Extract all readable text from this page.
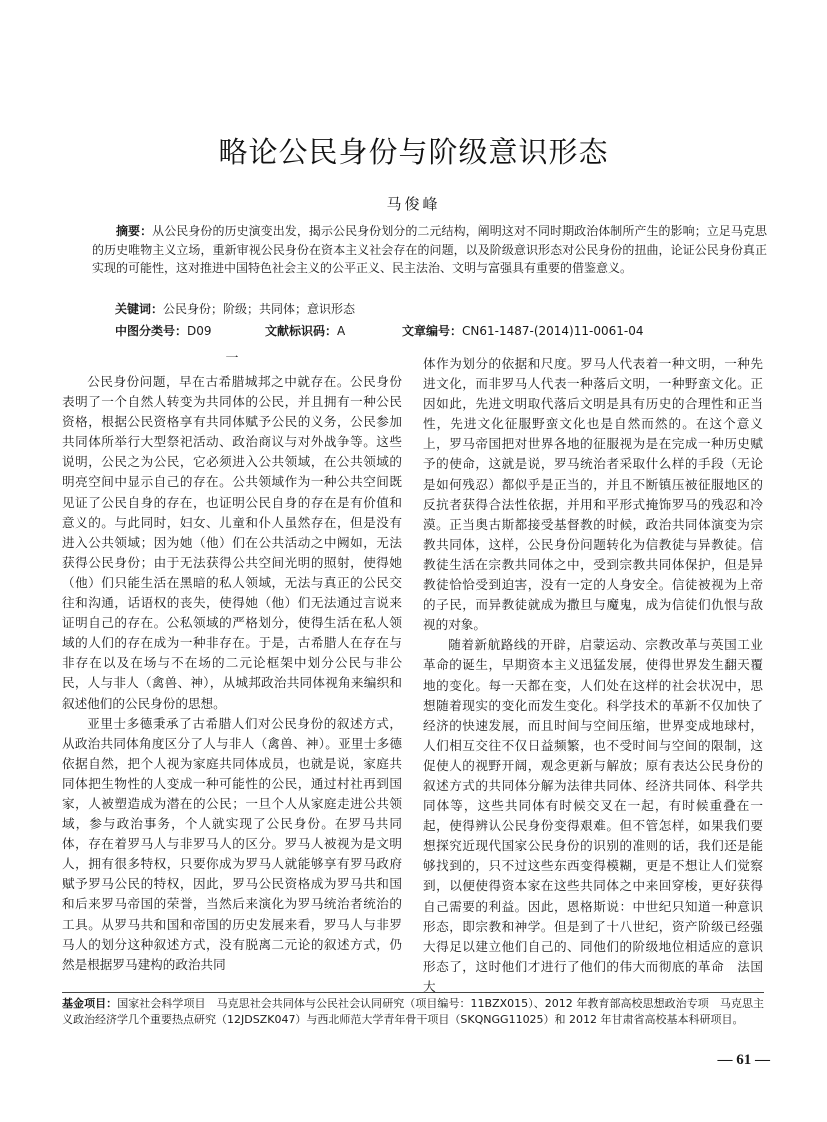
略论公民身份与阶级意识形态
马俊峰
摘要：从公民身份的历史演变出发，揭示公民身份划分的二元结构，阐明这对不同时期政治体制所产生的影响；立足马克思的历史唯物主义立场，重新审视公民身份在资本主义社会存在的问题，以及阶级意识形态对公民身份的扭曲，论证公民身份真正实现的可能性，这对推进中国特色社会主义的公平正义、民主法治、文明与富强具有重要的借鉴意义。
关键词：公民身份；阶级；共同体；意识形态
中图分类号：D09	文献标识码：A	文章编号：CN61-1487-(2014)11-0061-04
一

公民身份问题，早在古希腊城邦之中就存在。公民身份表明了一个自然人转变为共同体的公民，并且拥有一种公民资格，根据公民资格享有共同体赋予公民的义务，公民参加共同体所举行大型祭祀活动、政治商议与对外战争等。这些说明，公民之为公民，它必须进入公共领域，在公共领域的明亮空间中显示自己的存在。公共领域作为一种公共空间既见证了公民自身的存在，也证明公民自身的存在是有价值和意义的。与此同时，妇女、儿童和仆人虽然存在，但是没有进入公共领域；因为她（他）们在公共活动之中阙如，无法获得公民身份；由于无法获得公共空间光明的照射，使得她（他）们只能生活在黑暗的私人领域，无法与真正的公民交往和沟通，话语权的丧失，使得她（他）们无法通过言说来证明自己的存在。公私领域的严格划分，使得生活在私人领域的人们的存在成为一种非存在。于是，古希腊人在存在与非存在以及在场与不在场的二元论框架中划分公民与非公民，人与非人（禽兽、神），从城邦政治共同体视角来编织和叙述他们的公民身份的思想。

亚里士多德秉承了古希腊人们对公民身份的叙述方式，从政治共同体角度区分了人与非人（禽兽、神）。亚里士多德依据自然，把个人视为家庭共同体成员，也就是说，家庭共同体把生物性的人变成一种可能性的公民，通过村社再到国家，人被塑造成为潜在的公民；一旦个人从家庭走进公共领域，参与政治事务，个人就实现了公民身份。在罗马共同体，存在着罗马人与非罗马人的区分。罗马人被视为是文明人，拥有很多特权，只要你成为罗马人就能够享有罗马政府赋予罗马公民的特权，因此，罗马公民资格成为罗马共和国和后来罗马帝国的荣誉，当然后来演化为罗马统治者统治的工具。从罗马共和国和帝国的历史发展来看，罗马人与非罗马人的划分这种叙述方式，没有脱离二元论的叙述方式，仍然是根据罗马建构的政治共同

体作为划分的依据和尺度。罗马人代表着一种文明，一种先进文化，而非罗马人代表一种落后文明，一种野蛮文化。正因如此，先进文明取代落后文明是具有历史的合理性和正当性，先进文化征服野蛮文化也是自然而然的。在这个意义上，罗马帝国把对世界各地的征服视为是在完成一种历史赋予的使命，这就是说，罗马统治者采取什么样的手段（无论是如何残忍）都似乎是正当的，并且不断镇压被征服地区的反抗者获得合法性依据，并用和平形式掩饰罗马的残忍和冷漠。正当奥古斯都接受基督教的时候，政治共同体演变为宗教共同体，这样，公民身份问题转化为信教徒与异教徒。信教徒生活在宗教共同体之中，受到宗教共同体保护，但是异教徒恰恰受到迫害，没有一定的人身安全。信徒被视为上帝的子民，而异教徒就成为撒旦与魔鬼，成为信徒们仇恨与敌视的对象。

随着新航路线的开辟，启蒙运动、宗教改革与英国工业革命的诞生，早期资本主义迅猛发展，使得世界发生翻天覆地的变化。每一天都在变，人们处在这样的社会状况中，思想随着现实的变化而发生变化。科学技术的革新不仅加快了经济的快速发展，而且时间与空间压缩，世界变成地球村，人们相互交往不仅日益频繁，也不受时间与空间的限制，这促使人的视野开阔，观念更新与解放；原有表达公民身份的叙述方式的共同体分解为法律共同体、经济共同体、科学共同体等，这些共同体有时候交叉在一起，有时候重叠在一起，使得辨认公民身份变得艰难。但不管怎样，如果我们要想探究近现代国家公民身份的识别的准则的话，我们还是能够找到的，只不过这些东西变得模糊，更是不想让人们觉察到，以便使得资本家在这些共同体之中来回穿梭，更好获得自己需要的利益。因此，恩格斯说：中世纪只知道一种意识形态，即宗教和神学。但是到了十八世纪，资产阶级已经强大得足以建立他们自己的、同他们的阶级地位相适应的意识形态了，这时他们才进行了他们的伟大而彻底的革命　法国大

基金项目：国家社会科学项目　马克思社会共同体与公民社会认同研究（项目编号：11BZX015）、2012 年教育部高校思想政治专项　马克思主义政治经济学几个重要热点研究（12JDSZK047）与西北师范大学青年骨干项目（SKQNGG11025）和 2012 年甘肃省高校基本科研项目。
— 61 —
